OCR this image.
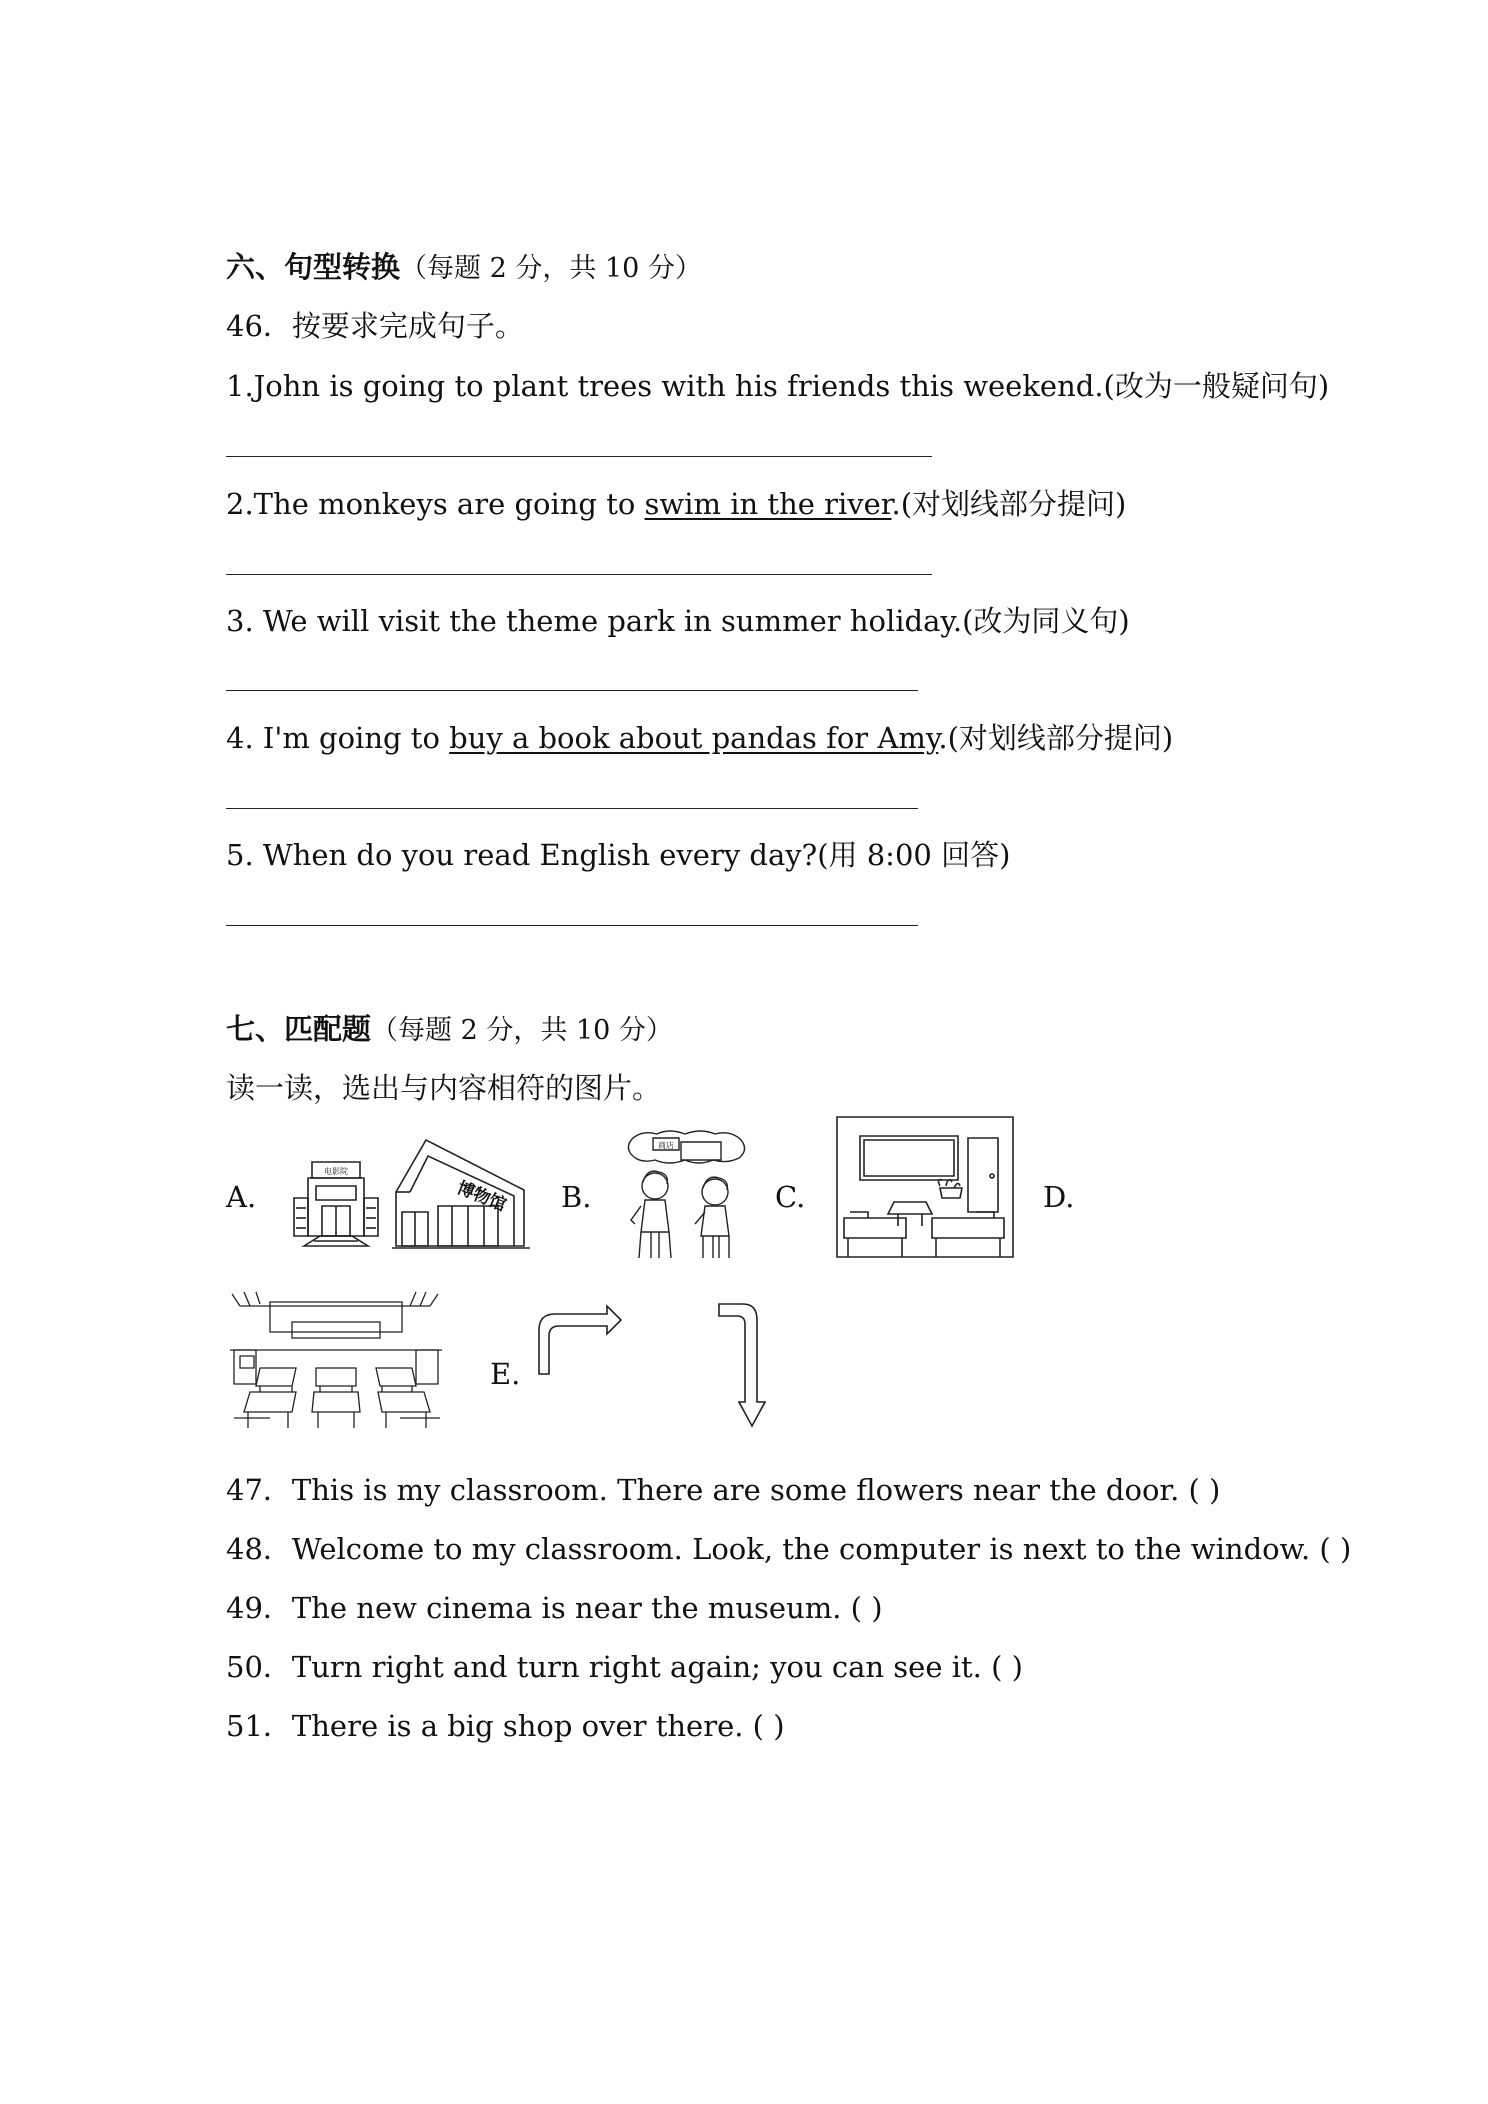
六、句型转换（每题 2 分，共 10 分）
46．按要求完成句子。
1.John is going to plant trees with his friends this weekend.(改为一般疑问句)
2.The monkeys are going to swim in the river.(对划线部分提问)
3. We will visit the theme park in summer holiday.(改为同义句)
4. I'm going to buy a book about pandas for Amy.(对划线部分提问)
5. When do you read English every day?(用 8:00 回答)
七、匹配题（每题 2 分，共 10 分）
读一读，选出与内容相符的图片。
A.	B.	C.	D.
E.
电影院
博物馆
商店
47．This is my classroom. There are some flowers near the door. ( )
48．Welcome to my classroom. Look, the computer is next to the window. ( )
49．The new cinema is near the museum. ( )
50．Turn right and turn right again; you can see it. ( )
51．There is a big shop over there. ( )
